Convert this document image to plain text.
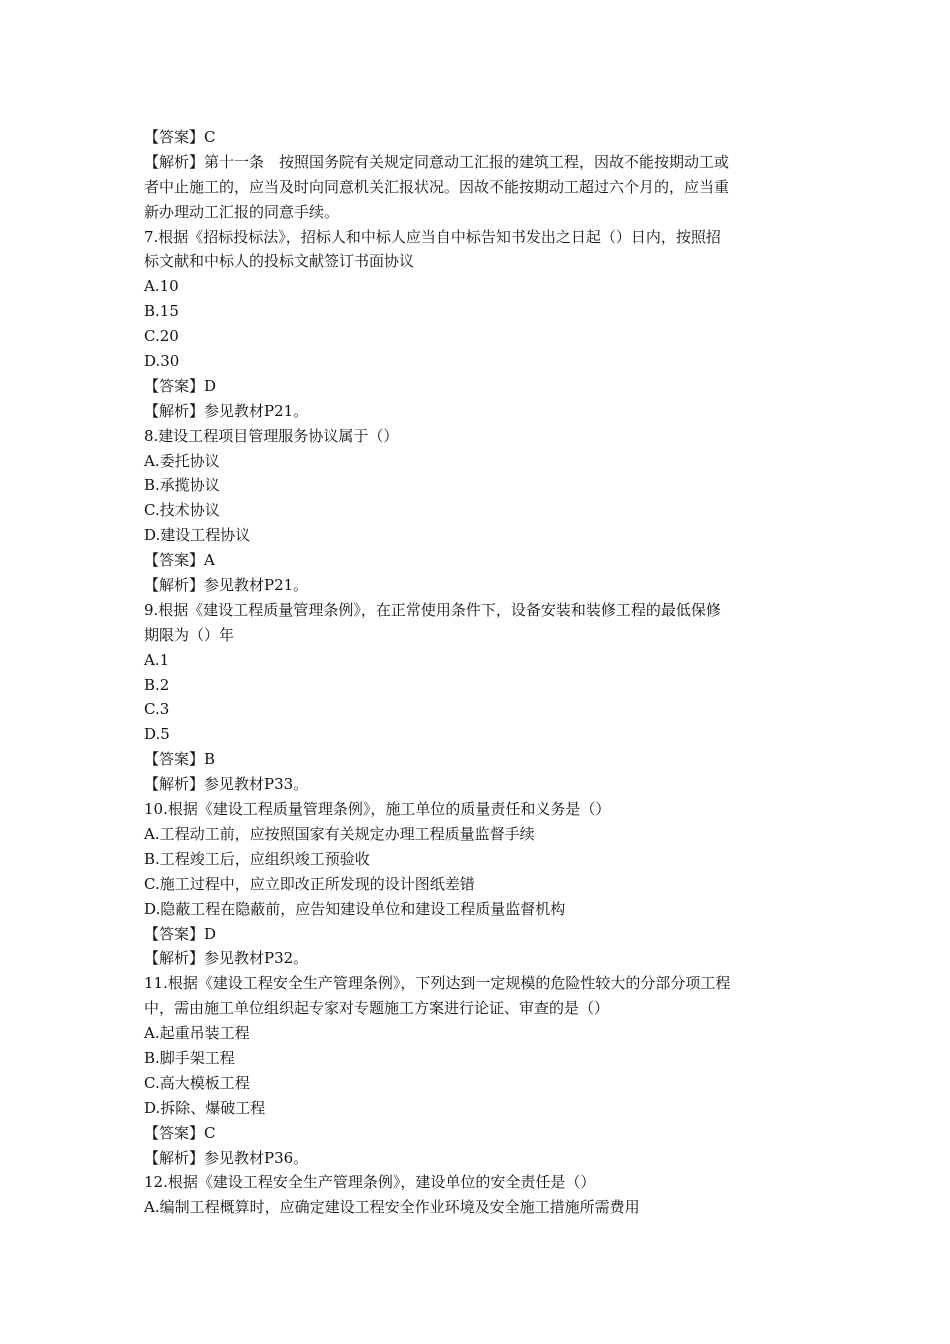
【答案】C
【解析】第十一条　按照国务院有关规定同意动工汇报的建筑工程，因故不能按期动工或
者中止施工的，应当及时向同意机关汇报状况。因故不能按期动工超过六个月的，应当重
新办理动工汇报的同意手续。
7.根据《招标投标法》，招标人和中标人应当自中标告知书发出之日起（）日内，按照招
标文献和中标人的投标文献签订书面协议
A.10
B.15
C.20
D.30
【答案】D
【解析】参见教材P21。
8.建设工程项目管理服务协议属于（）
A.委托协议
B.承揽协议
C.技术协议
D.建设工程协议
【答案】A
【解析】参见教材P21。
9.根据《建设工程质量管理条例》，在正常使用条件下，设备安装和装修工程的最低保修
期限为（）年
A.1
B.2
C.3
D.5
【答案】B
【解析】参见教材P33。
10.根据《建设工程质量管理条例》，施工单位的质量责任和义务是（）
A.工程动工前，应按照国家有关规定办理工程质量监督手续
B.工程竣工后，应组织竣工预验收
C.施工过程中，应立即改正所发现的设计图纸差错
D.隐蔽工程在隐蔽前，应告知建设单位和建设工程质量监督机构
【答案】D
【解析】参见教材P32。
11.根据《建设工程安全生产管理条例》，下列达到一定规模的危险性较大的分部分项工程
中，需由施工单位组织起专家对专题施工方案进行论证、审查的是（）
A.起重吊装工程
B.脚手架工程
C.高大模板工程
D.拆除、爆破工程
【答案】C
【解析】参见教材P36。
12.根据《建设工程安全生产管理条例》，建设单位的安全责任是（）
A.编制工程概算时，应确定建设工程安全作业环境及安全施工措施所需费用
